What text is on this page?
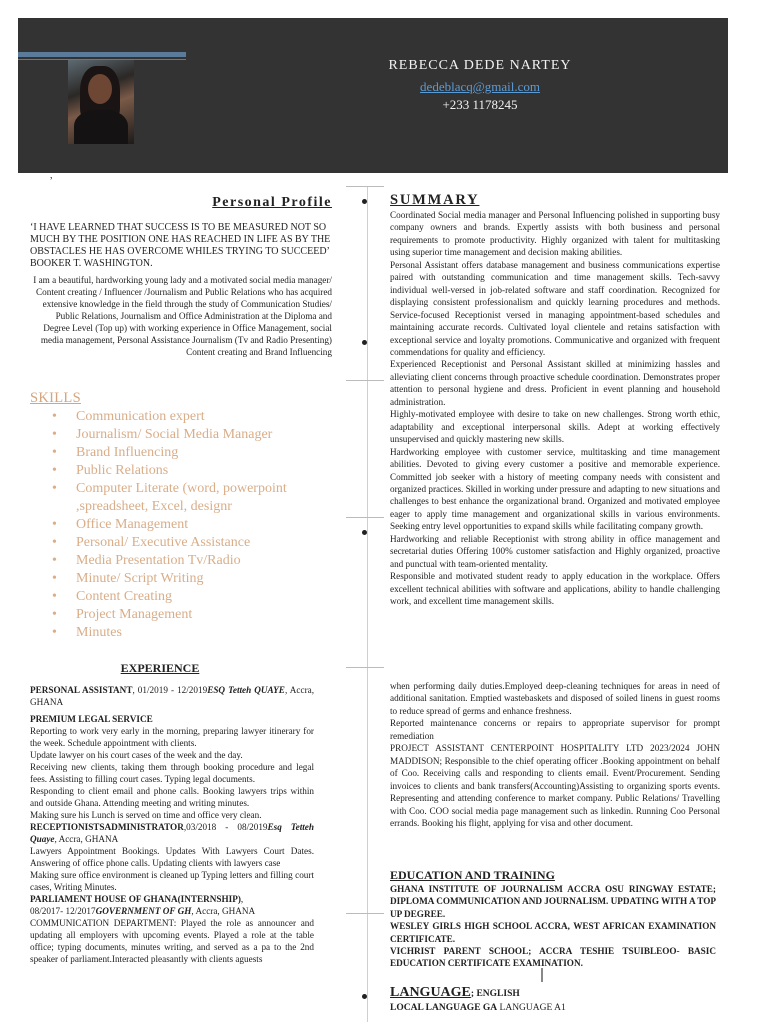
REBECCA DEDE NARTEY
dedeblacq@gmail.com
+233 1178245
,
Personal Profile
‘I HAVE LEARNED THAT SUCCESS IS TO BE MEASURED NOT SO MUCH BY THE POSITION ONE HAS REACHED IN LIFE AS BY THE OBSTACLES HE HAS OVERCOME WHILES TRYING TO SUCCEED’ BOOKER T. WASHINGTON.
I am a beautiful, hardworking young lady and a motivated social media manager/ Content creating / Influencer /Journalism and Public Relations who has acquired extensive knowledge in the field through the study of Communication Studies/ Public Relations, Journalism and Office Administration at the Diploma and Degree Level (Top up) with working experience in Office Management, social media management, Personal Assistance Journalism (Tv and Radio Presenting) Content creating and Brand Influencing
SKILLS
• Communication expert
• Journalism/ Social Media Manager
• Brand Influencing
• Public Relations
• Computer Literate (word, powerpoint ,spreadsheet, Excel, designr
• Office Management
• Personal/ Executive Assistance
• Media Presentation Tv/Radio
• Minute/ Script Writing
• Content Creating
• Project Management
• Minutes
EXPERIENCE

PERSONAL ASSISTANT, 01/2019 - 12/2019ESQ Tetteh QUAYE, Accra, GHANA

PREMIUM LEGAL SERVICE

Reporting to work very early in the morning, preparing lawyer itinerary for the week. Schedule appointment with clients.

Update lawyer on his court cases of the week and the day.

Receiving new clients, taking them through booking procedure and legal fees. Assisting to filling court cases. Typing legal documents.

Responding to client email and phone calls. Booking lawyers trips within and outside Ghana. Attending meeting and writing minutes.

Making sure his Lunch is served on time and office very clean.

RECEPTIONISTSADMINISTRATOR,03/2018 - 08/2019Esq Tetteh Quaye, Accra, GHANA

Lawyers Appointment Bookings. Updates With Lawyers Court Dates. Answering of office phone calls. Updating clients with lawyers case

Making sure office environment is cleaned up Typing letters and filling court cases, Writing Minutes.

PARLIAMENT HOUSE OF GHANA(INTERNSHIP),
08/2017- 12/2017GOVERNMENT OF GH, Accra, GHANA

COMMUNICATION DEPARTMENT: Played the role as announcer and updating all employers with upcoming events. Played a role at the table office; typing documents, minutes writing, and served as a pa to the 2nd speaker of parliament.Interacted pleasantly with clients aguests

SUMMARY

Coordinated Social media manager and Personal Influencing polished in supporting busy company owners and brands. Expertly assists with both business and personal requirements to promote productivity. Highly organized with talent for multitasking using superior time management and decision making abilities.

Personal Assistant offers database management and business communications expertise paired with outstanding communication and time management skills. Tech-savvy individual well-versed in job-related software and staff coordination. Recognized for displaying consistent professionalism and quickly learning procedures and methods. Service-focused Receptionist versed in managing appointment-based schedules and maintaining accurate records. Cultivated loyal clientele and retains satisfaction with exceptional service and loyalty promotions. Communicative and organized with frequent commendations for quality and efficiency.

Experienced Receptionist and Personal Assistant skilled at minimizing hassles and alleviating client concerns through proactive schedule coordination. Demonstrates proper attention to personal hygiene and dress. Proficient in event planning and household administration.

Highly-motivated employee with desire to take on new challenges. Strong worth ethic, adaptability and exceptional interpersonal skills. Adept at working effectively unsupervised and quickly mastering new skills.

Hardworking employee with customer service, multitasking and time management abilities. Devoted to giving every customer a positive and memorable experience. Committed job seeker with a history of meeting company needs with consistent and organized practices. Skilled in working under pressure and adapting to new situations and challenges to best enhance the organizational brand. Organized and motivated employee eager to apply time management and organizational skills in various environments. Seeking entry level opportunities to expand skills while facilitating company growth.

Hardworking and reliable Receptionist with strong ability in office management and secretarial duties Offering 100% customer satisfaction and Highly organized, proactive and punctual with team-oriented mentality.

Responsible and motivated student ready to apply education in the workplace. Offers excellent technical abilities with software and applications, ability to handle challenging work, and excellent time management skills.

when performing daily duties.Employed deep-cleaning techniques for areas in need of additional sanitation. Emptied wastebaskets and disposed of soiled linens in guest rooms to reduce spread of germs and enhance freshness.

Reported maintenance concerns or repairs to appropriate supervisor for prompt remediation

PROJECT ASSISTANT CENTERPOINT HOSPITALITY LTD 2023/2024 JOHN MADDISON; Responsible to the chief operating officer .Booking appointment on behalf of Coo. Receiving calls and responding to clients email. Event/Procurement. Sending invoices to clients and bank transfers(Accounting)Assisting to organizing sports events. Representing and attending conference to market company. Public Relations/ Travelling with Coo. COO social media page management such as linkedin. Running Coo Personal errands. Booking his flight, applying for visa and other document.

EDUCATION AND TRAINING

GHANA INSTITUTE OF JOURNALISM ACCRA OSU RINGWAY ESTATE; DIPLOMA COMMUNICATION AND JOURNALISM. UPDATING WITH A TOP UP DEGREE.

WESLEY GIRLS HIGH SCHOOL ACCRA, WEST AFRICAN EXAMINATION CERTIFICATE.

VICHRIST PARENT SCHOOL; ACCRA TESHIE TSUIBLEOO- BASIC EDUCATION CERTIFICATE EXAMINATION.

LANGUAGE; ENGLISH
LOCAL LANGUAGE GA LANGUAGE A1
